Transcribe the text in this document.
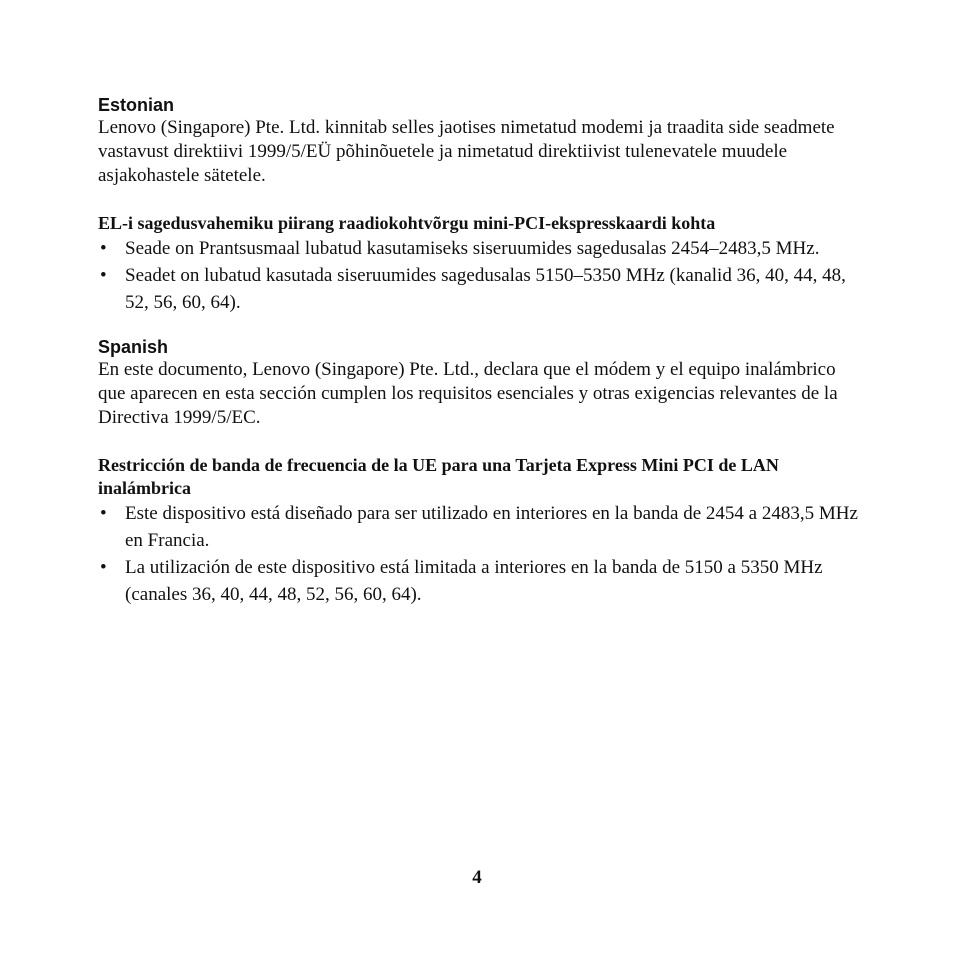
Estonian

Lenovo (Singapore) Pte. Ltd. kinnitab selles jaotises nimetatud modemi ja traadita side seadmete vastavust direktiivi 1999/5/EÜ põhinõuetele ja nimetatud direktiivist tulenevatele muudele asjakohastele sätetele.

EL-i sagedusvahemiku piirang raadiokohtvõrgu mini-PCI-ekspresskaardi kohta
• Seade on Prantsusmaal lubatud kasutamiseks siseruumides sagedusalas 2454–2483,5 MHz.
• Seadet on lubatud kasutada siseruumides sagedusalas 5150–5350 MHz (kanalid 36, 40, 44, 48, 52, 56, 60, 64).
Spanish

En este documento, Lenovo (Singapore) Pte. Ltd., declara que el módem y el equipo inalámbrico que aparecen en esta sección cumplen los requisitos esenciales y otras exigencias relevantes de la Directiva 1999/5/EC.

Restricción de banda de frecuencia de la UE para una Tarjeta Express Mini PCI de LAN inalámbrica
• Este dispositivo está diseñado para ser utilizado en interiores en la banda de 2454 a 2483,5 MHz en Francia.
• La utilización de este dispositivo está limitada a interiores en la banda de 5150 a 5350 MHz (canales 36, 40, 44, 48, 52, 56, 60, 64).
4
